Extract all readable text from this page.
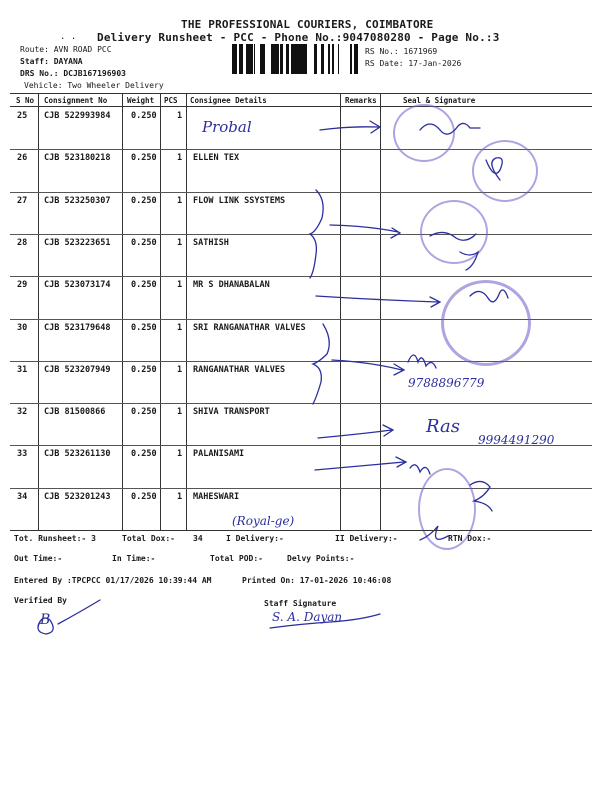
THE PROFESSIONAL COURIERS, COIMBATORE
. . Delivery Runsheet - PCC - Phone No.:9047080280 - Page No.:3
Route: AVN ROAD PCC
Staff: DAYANA
DRS No.: DCJB167196903
Vehicle: Two Wheeler Delivery
RS No.: 1671969
RS Date: 17-Jan-2026
S No Consignment No	Weight PCS Consignee Details	Remarks	Seal & Signature
25 CJB 522993984 0.250 1
26 CJB 523180218 0.250 1 ELLEN TEX
27 CJB 523250307 0.250 1 FLOW LINK SSYSTEMS
28 CJB 523223651 0.250 1 SATHISH
29 CJB 523073174 0.250 1 MR S DHANABALAN
30 CJB 523179648 0.250 1 SRI RANGANATHAR VALVES
31 CJB 523207949 0.250 1 RANGANATHAR VALVES
32 CJB 81500866	0.250 1 SHIVA TRANSPORT
33 CJB 523261130 0.250 1 PALANISAMI
34 CJB 523201243 0.250 1 MAHESWARI
Probal
9788896779
Ras
9994491290
(Royal-ge)
B	S. A. Dayan
Tot. Runsheet:- 3	Total Dox:- 34	I Delivery:-	II Delivery:-	RTN Dox:-
Out Time:-	In Time:-	Total POD:-	Delvy Points:-
Entered By :TPCPCC 01/17/2026 10:39:44 AM	Printed On: 17-01-2026 10:46:08
Verified By	Staff Signature
